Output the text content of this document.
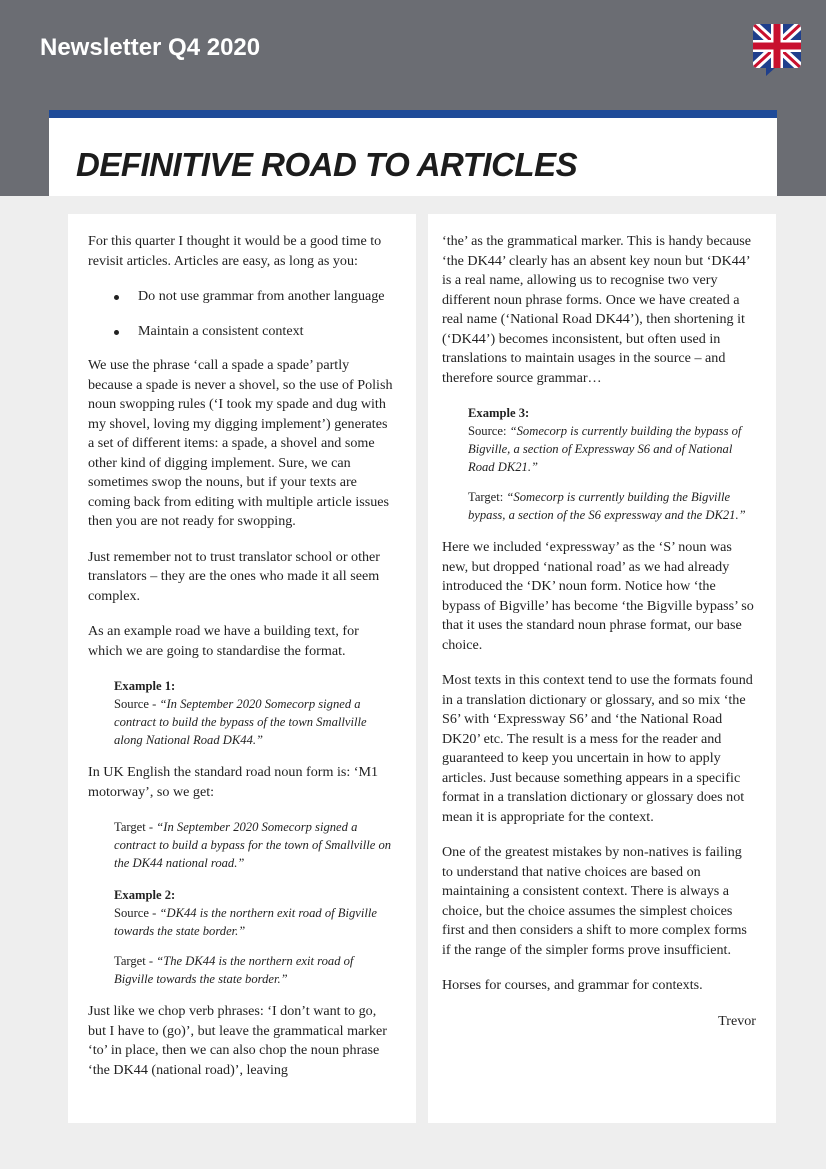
Newsletter Q4 2020
DEFINITIVE ROAD TO ARTICLES

For this quarter I thought it would be a good time to revisit articles. Articles are easy, as long as you:

Do not use grammar from another language
Maintain a consistent context

We use the phrase ‘call a spade a spade’ partly because a spade is never a shovel, so the use of Polish noun swopping rules (‘I took my spade and dug with my shovel, loving my digging implement’) generates a set of different items: a spade, a shovel and some other kind of digging implement. Sure, we can sometimes swop the nouns, but if your texts are coming back from editing with multiple article issues then you are not ready for swopping.

Just remember not to trust translator school or other translators – they are the ones who made it all seem complex.

As an example road we have a building text, for which we are going to standardise the format.

Example 1:
Source - “In September 2020 Somecorp signed a contract to build the bypass of the town Smallville along National Road DK44.”

In UK English the standard road noun form is: ‘M1 motorway’, so we get:

Target - “In September 2020 Somecorp signed a contract to build a bypass for the town of Smallville on the DK44 national road.”
Example 2:
Source - “DK44 is the northern exit road of Bigville towards the state border.”
Target - “The DK44 is the northern exit road of Bigville towards the state border.”

Just like we chop verb phrases: ‘I don’t want to go, but I have to (go)’, but leave the grammatical marker ‘to’ in place, then we can also chop the noun phrase ‘the DK44 (national road)’, leaving

‘the’ as the grammatical marker. This is handy because ‘the DK44’ clearly has an absent key noun but ‘DK44’ is a real name, allowing us to recognise two very different noun phrase forms. Once we have created a real name (‘National Road DK44’), then shortening it (‘DK44’) becomes inconsistent, but often used in translations to maintain usages in the source – and therefore source grammar…

Example 3:
Source: “Somecorp is currently building the bypass of Bigville, a section of Expressway S6 and of National Road DK21.”
Target: “Somecorp is currently building the Bigville bypass, a section of the S6 expressway and the DK21.”

Here we included ‘expressway’ as the ‘S’ noun was new, but dropped ‘national road’ as we had already introduced the ‘DK’ noun form. Notice how ‘the bypass of Bigville’ has become ‘the Bigville bypass’ so that it uses the standard noun phrase format, our base choice.

Most texts in this context tend to use the formats found in a translation dictionary or glossary, and so mix ‘the S6’ with ‘Expressway S6’ and ‘the National Road DK20’ etc. The result is a mess for the reader and guaranteed to keep you uncertain in how to apply articles. Just because something appears in a specific format in a translation dictionary or glossary does not mean it is appropriate for the context.

One of the greatest mistakes by non-natives is failing to understand that native choices are based on maintaining a consistent context. There is always a choice, but the choice assumes the simplest choices first and then considers a shift to more complex forms if the range of the simpler forms prove insufficient.

Horses for courses, and grammar for contexts.

Trevor
